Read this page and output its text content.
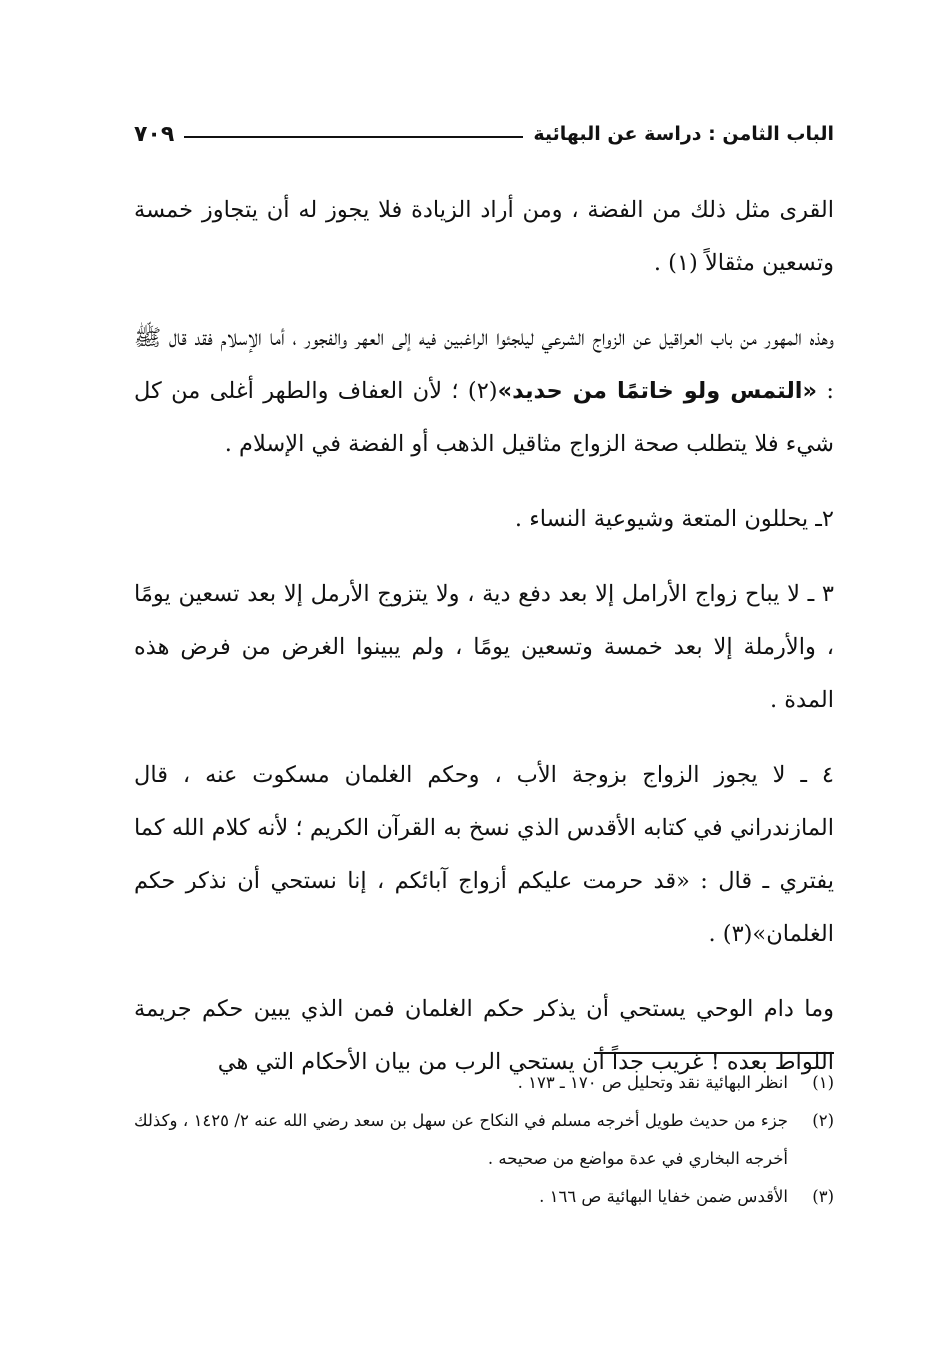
الباب الثامن : دراسة عن البهائية
٧٠٩

القرى مثل ذلك من الفضة ، ومن أراد الزيادة فلا يجوز له أن يتجاوز خمسة وتسعين مثقالاً (١) .

وهذه المهور من باب العراقيل عن الزواج الشرعي ليلجئوا الراغبين فيه إلى العهر والفجور ، أما الإسلام فقد قال ﷺ : «التمس ولو خاتمًا من حديد»(٢) ؛ لأن العفاف والطهر أغلى من كل شيء فلا يتطلب صحة الزواج مثاقيل الذهب أو الفضة في الإسلام .

٢ـ يحللون المتعة وشيوعية النساء .

٣ ـ لا يباح زواج الأرامل إلا بعد دفع دية ، ولا يتزوج الأرمل إلا بعد تسعين يومًا ، والأرملة إلا بعد خمسة وتسعين يومًا ، ولم يبينوا الغرض من فرض هذه المدة .

٤ ـ لا يجوز الزواج بزوجة الأب ، وحكم الغلمان مسكوت عنه ، قال المازندراني في كتابه الأقدس الذي نسخ به القرآن الكريم ؛ لأنه كلام الله كما يفتري ـ قال : «قد حرمت عليكم أزواج آبائكم ، إنا نستحي أن نذكر حكم الغلمان»(٣) .

وما دام الوحي يستحي أن يذكر حكم الغلمان فمن الذي يبين حكم جريمة اللواط بعده ! غريب جداً أن يستحي الرب من بيان الأحكام التي هي

(١)
انظر البهائية نقد وتحليل ص ١٧٠ ـ ١٧٣ .
(٢)
جزء من حديث طويل أخرجه مسلم في النكاح عن سهل بن سعد رضي الله عنه ٢/ ١٤٢٥ ، وكذلك أخرجه البخاري في عدة مواضع من صحيحه .
(٣)
الأقدس ضمن خفايا البهائية ص ١٦٦ .
